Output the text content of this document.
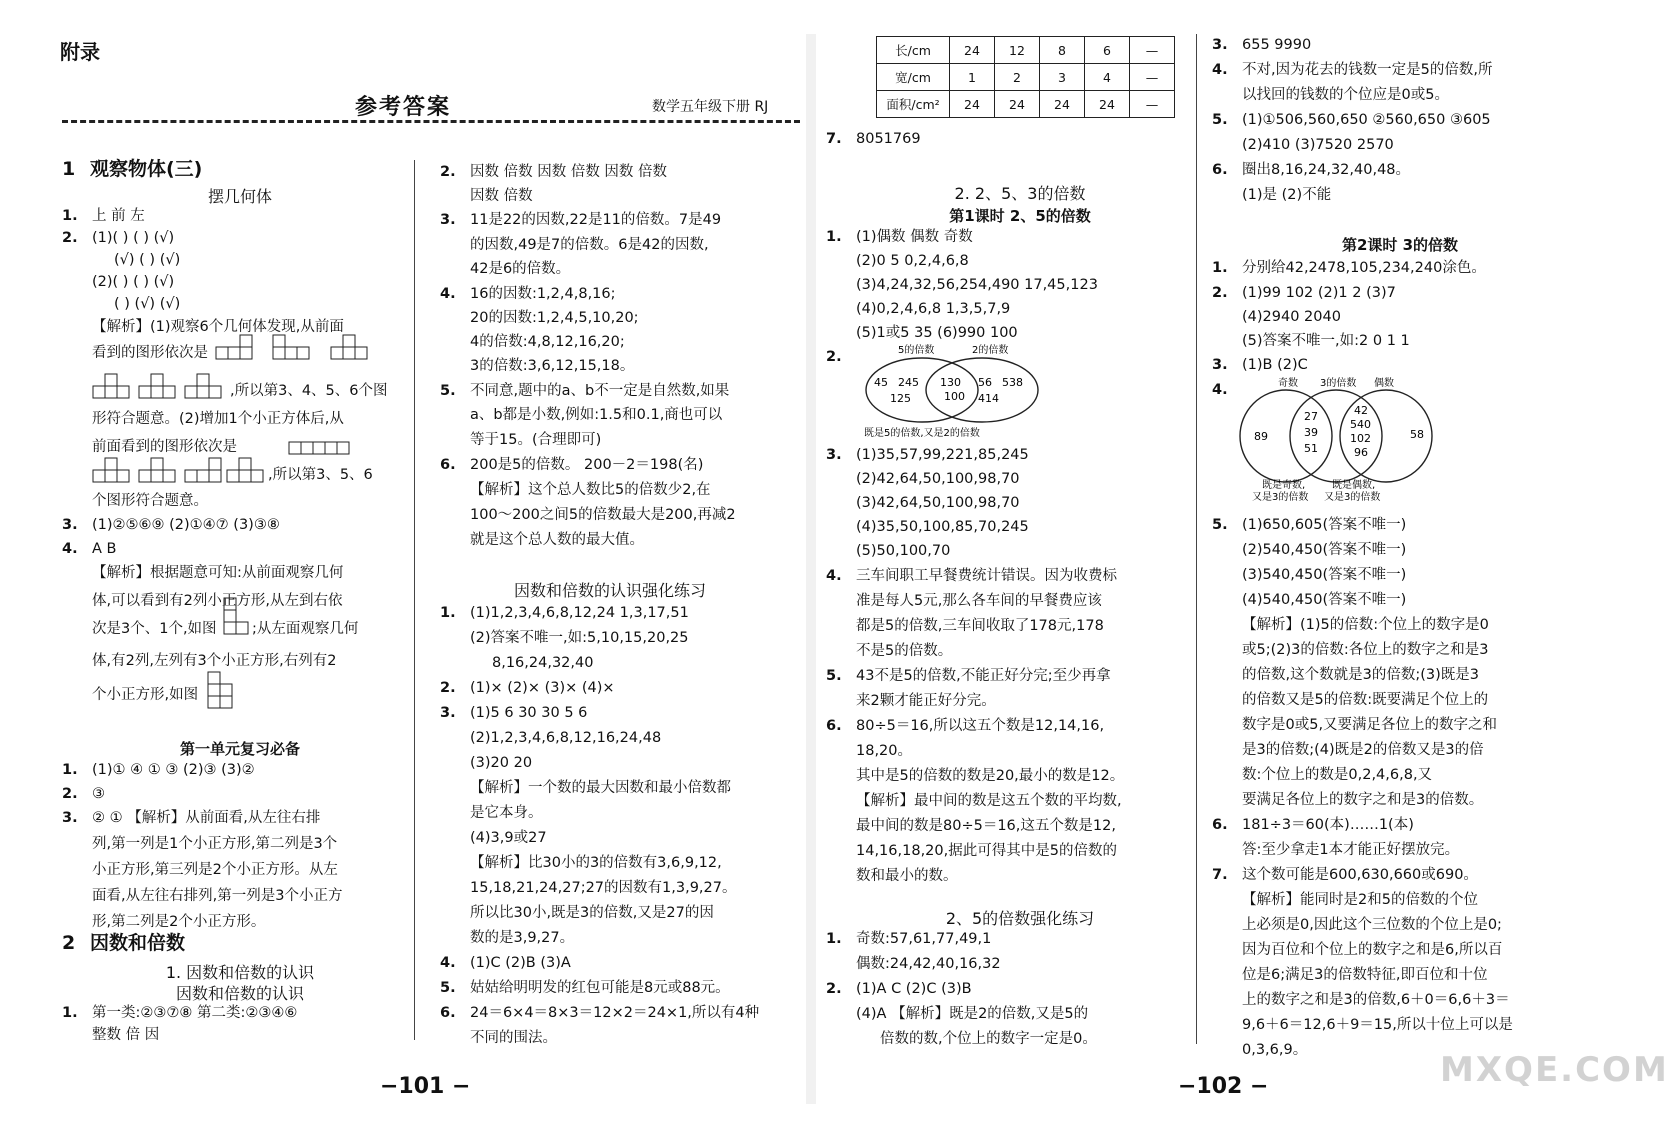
附录
参考答案	数学五年级下册 RJ
1 观察物体(三)
摆几何体
1. 上 前 左
2. (1)( ) ( ) (√)
(√) ( ) (√)
(2)( ) ( ) (√)
( ) (√) (√)
【解析】(1)观察6个几何体发现,从前面
看到的图形依次是
,所以第3、4、5、6个图
形符合题意。(2)增加1个小正方体后,从
前面看到的图形依次是
,所以第3、5、6
个图形符合题意。
3. (1)②⑤⑥⑨ (2)①④⑦ (3)③⑧
4. A B
【解析】根据题意可知:从前面观察几何
体,可以看到有2列小正方形,从左到右依
次是3个、1个,如图 ;从左面观察几何
体,有2列,左列有3个小正方形,右列有2
个小正方形,如图
第一单元复习必备
1. (1)① ④ ① ③ (2)③ (3)②
2. ③
3. ② ① 【解析】从前面看,从左往右排
列,第一列是1个小正方形,第二列是3个
小正方形,第三列是2个小正方形。从左
面看,从左往右排列,第一列是3个小正方
形,第二列是2个小正方形。
2 因数和倍数
1. 因数和倍数的认识
因数和倍数的认识
1. 第一类:②③⑦⑧ 第二类:②③④⑥
整数 倍 因
2. 因数 倍数 因数 倍数 因数 倍数
因数 倍数
3. 11是22的因数,22是11的倍数。7是49
的因数,49是7的倍数。6是42的因数,
42是6的倍数。
4. 16的因数:1,2,4,8,16;
20的因数:1,2,4,5,10,20;
4的倍数:4,8,12,16,20;
3的倍数:3,6,12,15,18。
5. 不同意,题中的a、b不一定是自然数,如果
a、b都是小数,例如:1.5和0.1,商也可以
等于15。(合理即可)
6. 200是5的倍数。 200－2＝198(名)
【解析】这个总人数比5的倍数少2,在
100～200之间5的倍数最大是200,再减2
就是这个总人数的最大值。
因数和倍数的认识强化练习
1. (1)1,2,3,4,6,8,12,24 1,3,17,51
(2)答案不唯一,如:5,10,15,20,25
8,16,24,32,40
2. (1)× (2)× (3)× (4)×
3. (1)5 6 30 30 5 6
(2)1,2,3,4,6,8,12,16,24,48
(3)20 20
【解析】一个数的最大因数和最小倍数都
是它本身。
(4)3,9或27
【解析】比30小的3的倍数有3,6,9,12,
15,18,21,24,27;27的因数有1,3,9,27。
所以比30小,既是3的倍数,又是27的因
数的是3,9,27。
4. (1)C (2)B (3)A
5. 姑姑给明明发的红包可能是8元或88元。
6. 24＝6×4＝8×3＝12×2＝24×1,所以有4种
不同的围法。
−101 −
长/cm	24	12	8	6	—
宽/cm	1	2	3	4	—
面积/cm²	24	24	24	24	—
7. 8051769
2. 2、5、3的倍数
第1课时 2、5的倍数
1. (1)偶数 偶数 奇数
(2)0 5 0,2,4,6,8
(3)4,24,32,56,254,490 17,45,123
(4)0,2,4,6,8 1,3,5,7,9
(5)1或5 35 (6)990 100
2.	5的倍数	2的倍数
45 245
125
130
100
56 538
414
既是5的倍数,又是2的倍数
3. (1)35,57,99,221,85,245
(2)42,64,50,100,98,70
(3)42,64,50,100,98,70
(4)35,50,100,85,70,245
(5)50,100,70
4. 三车间职工早餐费统计错误。因为收费标
准是每人5元,那么各车间的早餐费应该
都是5的倍数,三车间收取了178元,178
不是5的倍数。
5. 43不是5的倍数,不能正好分完;至少再拿
来2颗才能正好分完。
6. 80÷5＝16,所以这五个数是12,14,16,
18,20。
其中是5的倍数的数是20,最小的数是12。
【解析】最中间的数是这五个数的平均数,
最中间的数是80÷5＝16,这五个数是12,
14,16,18,20,据此可得其中是5的倍数的
数和最小的数。
2、5的倍数强化练习
1. 奇数:57,61,77,49,1
偶数:24,42,40,16,32
2. (1)A C (2)C (3)B
(4)A 【解析】既是2的倍数,又是5的
倍数的数,个位上的数字一定是0。
3. 655 9990
4. 不对,因为花去的钱数一定是5的倍数,所
以找回的钱数的个位应是0或5。
5. (1)①506,560,650 ②560,650 ③605
(2)410 (3)7520 2570
6. 圈出8,16,24,32,40,48。
(1)是 (2)不能
第2课时 3的倍数
1. 分别给42,2478,105,234,240涂色。
2. (1)99 102 (2)1 2 (3)7
(4)2940 2040
(5)答案不唯一,如:2 0 1 1
3. (1)B (2)C
4.	奇数 3的倍数 偶数
89
27
39
51
42
540
102
96
58
既是奇数,
又是3的倍数
既是偶数,
又是3的倍数
5. (1)650,605(答案不唯一)
(2)540,450(答案不唯一)
(3)540,450(答案不唯一)
(4)540,450(答案不唯一)
【解析】(1)5的倍数:个位上的数字是0
或5;(2)3的倍数:各位上的数字之和是3
的倍数,这个数就是3的倍数;(3)既是3
的倍数又是5的倍数:既要满足个位上的
数字是0或5,又要满足各位上的数字之和
是3的倍数;(4)既是2的倍数又是3的倍
数:个位上的数是0,2,4,6,8,又
要满足各位上的数字之和是3的倍数。
6. 181÷3＝60(本)……1(本)
答:至少拿走1本才能正好摆放完。
7. 这个数可能是600,630,660或690。
【解析】能同时是2和5的倍数的个位
上必须是0,因此这个三位数的个位上是0;
因为百位和个位上的数字之和是6,所以百
位是6;满足3的倍数特征,即百位和十位
上的数字之和是3的倍数,6＋0＝6,6＋3＝
9,6＋6＝12,6＋9＝15,所以十位上可以是
0,3,6,9。
−102 −	MXQE.COM
